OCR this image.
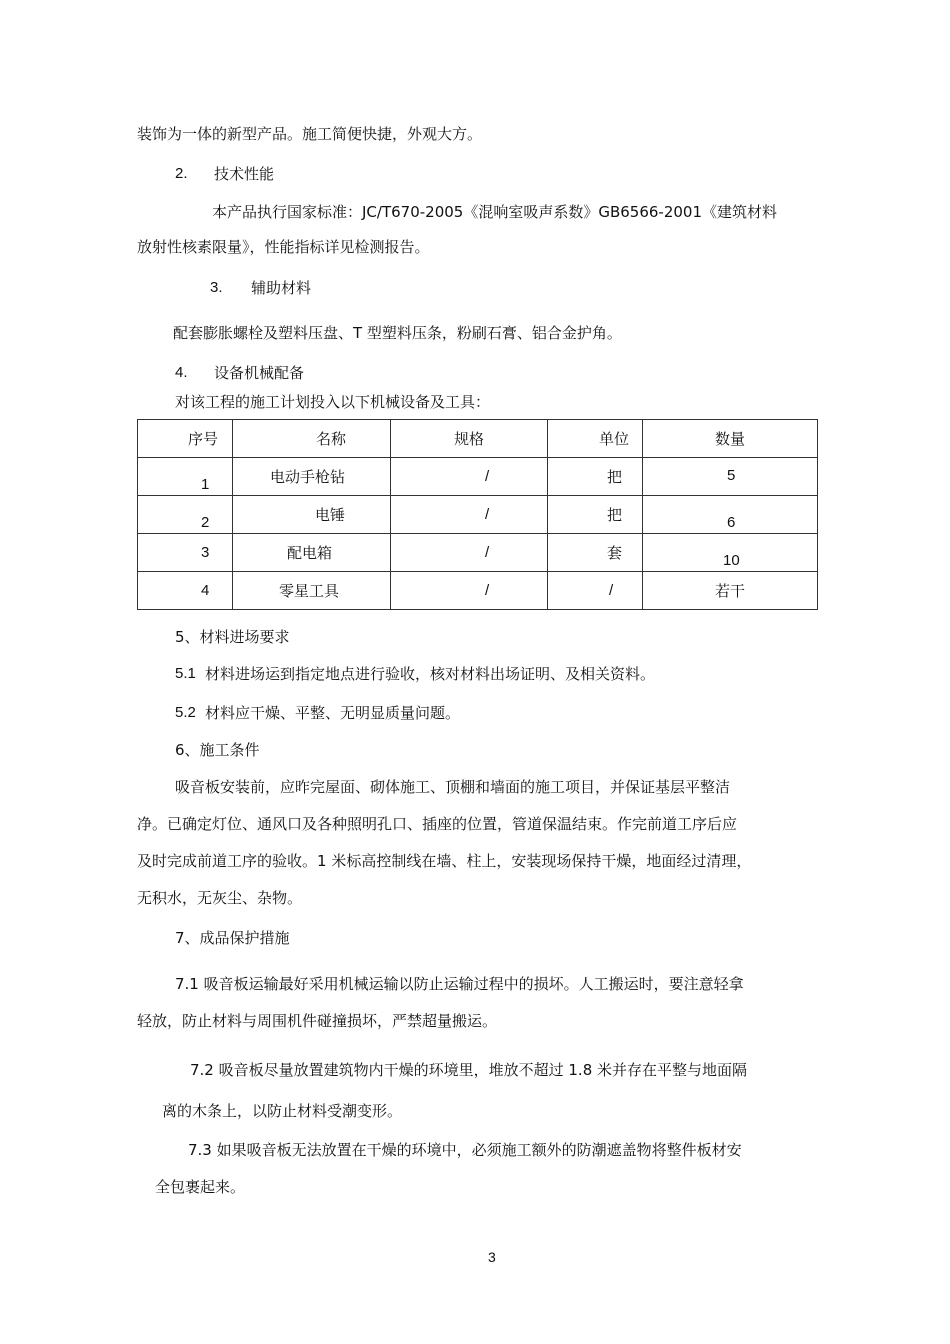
装饰为一体的新型产品。施工简便快捷，外观大方。
2. 技术性能
本产品执行国家标准：JC/T670-2005《混响室吸声系数》GB6566-2001《建筑材料
放射性核素限量》，性能指标详见检测报告。
3. 辅助材料
配套膨胀螺栓及塑料压盘、T 型塑料压条，粉刷石膏、铝合金护角。
4. 设备机械配备
对该工程的施工计划投入以下机械设备及工具：
序号	名称	规格	单位	数量

1	电动手枪钻	/	把	5

2	电锤	/	把	6

3	配电箱	/	套	10

4	零星工具	/	/	若干
5、材料进场要求
5.1 材料进场运到指定地点进行验收，核对材料出场证明、及相关资料。
5.2 材料应干燥、平整、无明显质量问题。
6、施工条件
吸音板安装前，应昨完屋面、砌体施工、顶棚和墙面的施工项目，并保证基层平整洁
净。已确定灯位、通风口及各种照明孔口、插座的位置，管道保温结束。作完前道工序后应
及时完成前道工序的验收。1 米标高控制线在墙、柱上，安装现场保持干燥，地面经过清理，
无积水，无灰尘、杂物。
7、成品保护措施
7.1 吸音板运输最好采用机械运输以防止运输过程中的损坏。人工搬运时，要注意轻拿
轻放，防止材料与周围机件碰撞损坏，严禁超量搬运。
7.2 吸音板尽量放置建筑物内干燥的环境里，堆放不超过 1.8 米并存在平整与地面隔
离的木条上，以防止材料受潮变形。
7.3 如果吸音板无法放置在干燥的环境中，必须施工额外的防潮遮盖物将整件板材安
全包裹起来。
3
